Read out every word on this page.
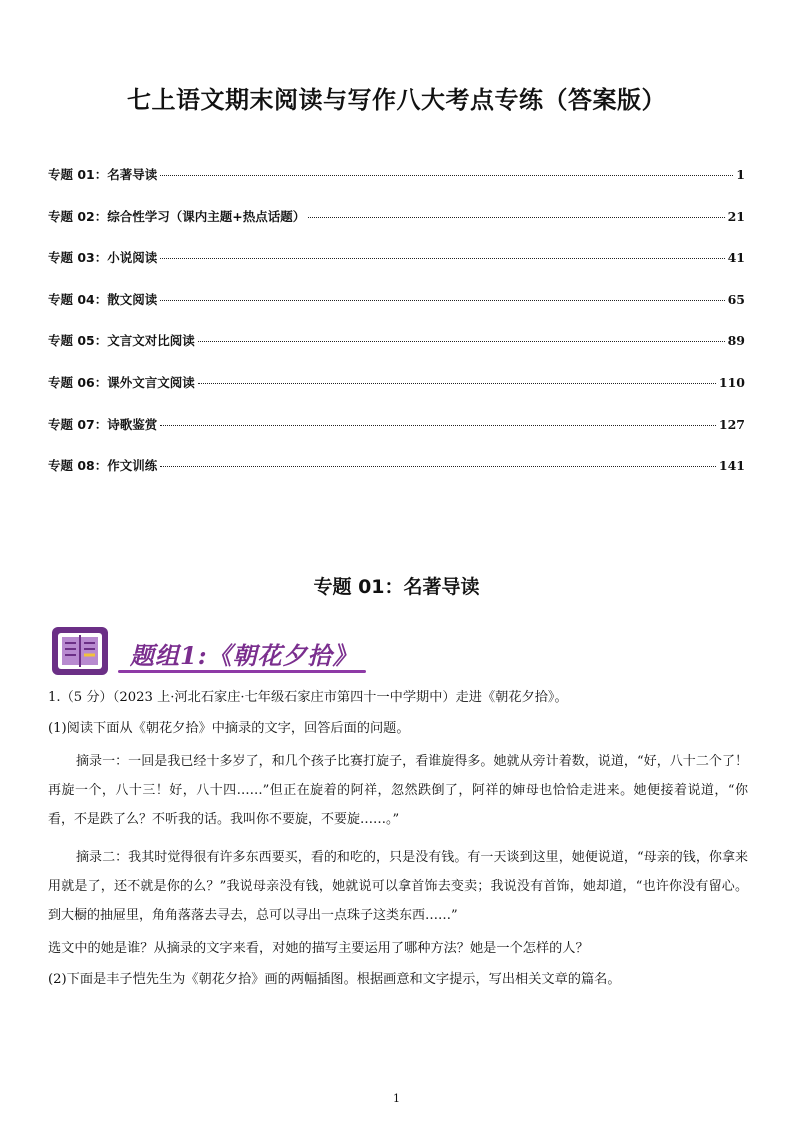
七上语文期末阅读与写作八大考点专练（答案版）
专题 01：名著导读	1
专题 02：综合性学习（课内主题+热点话题）	21
专题 03：小说阅读	41
专题 04：散文阅读	65
专题 05：文言文对比阅读	89
专题 06：课外文言文阅读	110
专题 07：诗歌鉴赏	127
专题 08：作文训练	141
专题 01：名著导读
题组1:《朝花夕拾》
1.（5 分）（2023 上·河北石家庄·七年级石家庄市第四十一中学期中）走进《朝花夕拾》。
(1)阅读下面从《朝花夕拾》中摘录的文字，回答后面的问题。
摘录一：一回是我已经十多岁了，和几个孩子比赛打旋子，看谁旋得多。她就从旁计着数，说道，“好，八十二个了！再旋一个，八十三！好，八十四……”但正在旋着的阿祥，忽然跌倒了，阿祥的婶母也恰恰走进来。她便接着说道，“你看，不是跌了么？不听我的话。我叫你不要旋，不要旋……。”
摘录二：我其时觉得很有许多东西要买，看的和吃的，只是没有钱。有一天谈到这里，她便说道，“母亲的钱，你拿来用就是了，还不就是你的么？”我说母亲没有钱，她就说可以拿首饰去变卖；我说没有首饰，她却道，“也许你没有留心。到大橱的抽屉里，角角落落去寻去，总可以寻出一点珠子这类东西……”
选文中的她是谁？从摘录的文字来看，对她的描写主要运用了哪种方法？她是一个怎样的人？
(2)下面是丰子恺先生为《朝花夕拾》画的两幅插图。根据画意和文字提示，写出相关文章的篇名。
1
